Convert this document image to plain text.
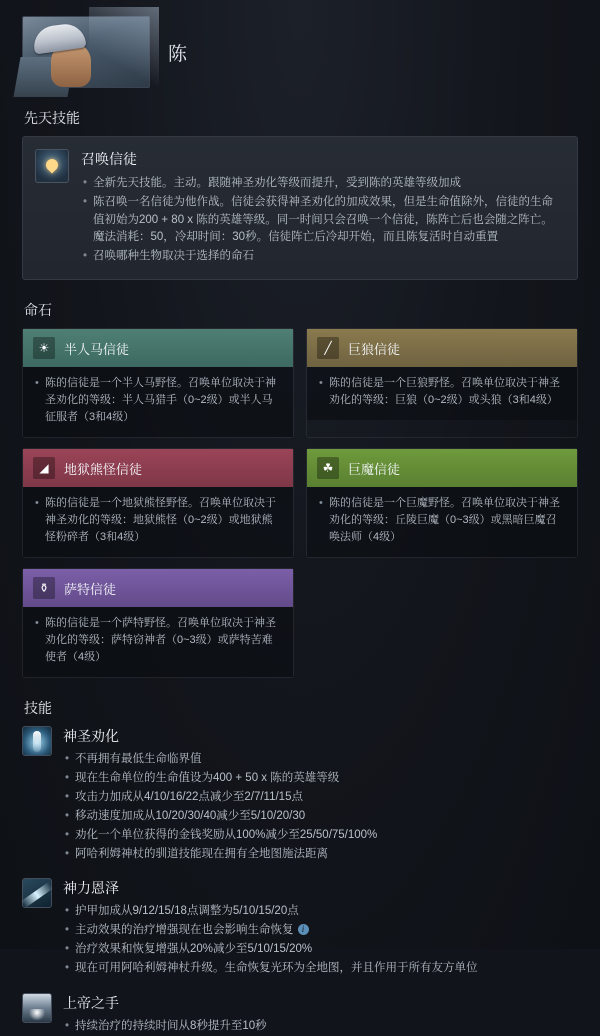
陈
先天技能
召唤信徒
• 全新先天技能。主动。跟随神圣劝化等级而提升，受到陈的英雄等级加成
• 陈召唤一名信徒为他作战。信徒会获得神圣劝化的加成效果，但是生命值除外，信徒的生命值初始为200 + 80 x 陈的英雄等级。同一时间只会召唤一个信徒，陈阵亡后也会随之阵亡。魔法消耗：50，冷却时间：30秒。信徒阵亡后冷却开始，而且陈复活时自动重置
• 召唤哪种生物取决于选择的命石
命石
☀	半人马信徒
• 陈的信徒是一个半人马野怪。召唤单位取决于神圣劝化的等级：半人马猎手（0~2级）或半人马征服者（3和4级）
╱	巨狼信徒
• 陈的信徒是一个巨狼野怪。召唤单位取决于神圣劝化的等级：巨狼（0~2级）或头狼（3和4级）
◢	地狱熊怪信徒
• 陈的信徒是一个地狱熊怪野怪。召唤单位取决于神圣劝化的等级：地狱熊怪（0~2级）或地狱熊怪粉碎者（3和4级）
☘	巨魔信徒
• 陈的信徒是一个巨魔野怪。召唤单位取决于神圣劝化的等级：丘陵巨魔（0~3级）或黑暗巨魔召唤法师（4级）
⚱	萨特信徒
• 陈的信徒是一个萨特野怪。召唤单位取决于神圣劝化的等级：萨特窃神者（0~3级）或萨特苦难使者（4级）
技能
神圣劝化
• 不再拥有最低生命临界值
• 现在生命单位的生命值设为400 + 50 x 陈的英雄等级
• 攻击力加成从4/10/16/22点减少至2/7/11/15点
• 移动速度加成从10/20/30/40减少至5/10/20/30
• 劝化一个单位获得的金钱奖励从100%减少至25/50/75/100%
• 阿哈利姆神杖的驯道技能现在拥有全地图施法距离
神力恩泽
• 护甲加成从9/12/15/18点调整为5/10/15/20点
• 主动效果的治疗增强现在也会影响生命恢复 i
• 治疗效果和恢复增强从20%减少至5/10/15/20%
• 现在可用阿哈利姆神杖升级。生命恢复光环为全地图，并且作用于所有友方单位
上帝之手
• 持续治疗的持续时间从8秒提升至10秒
